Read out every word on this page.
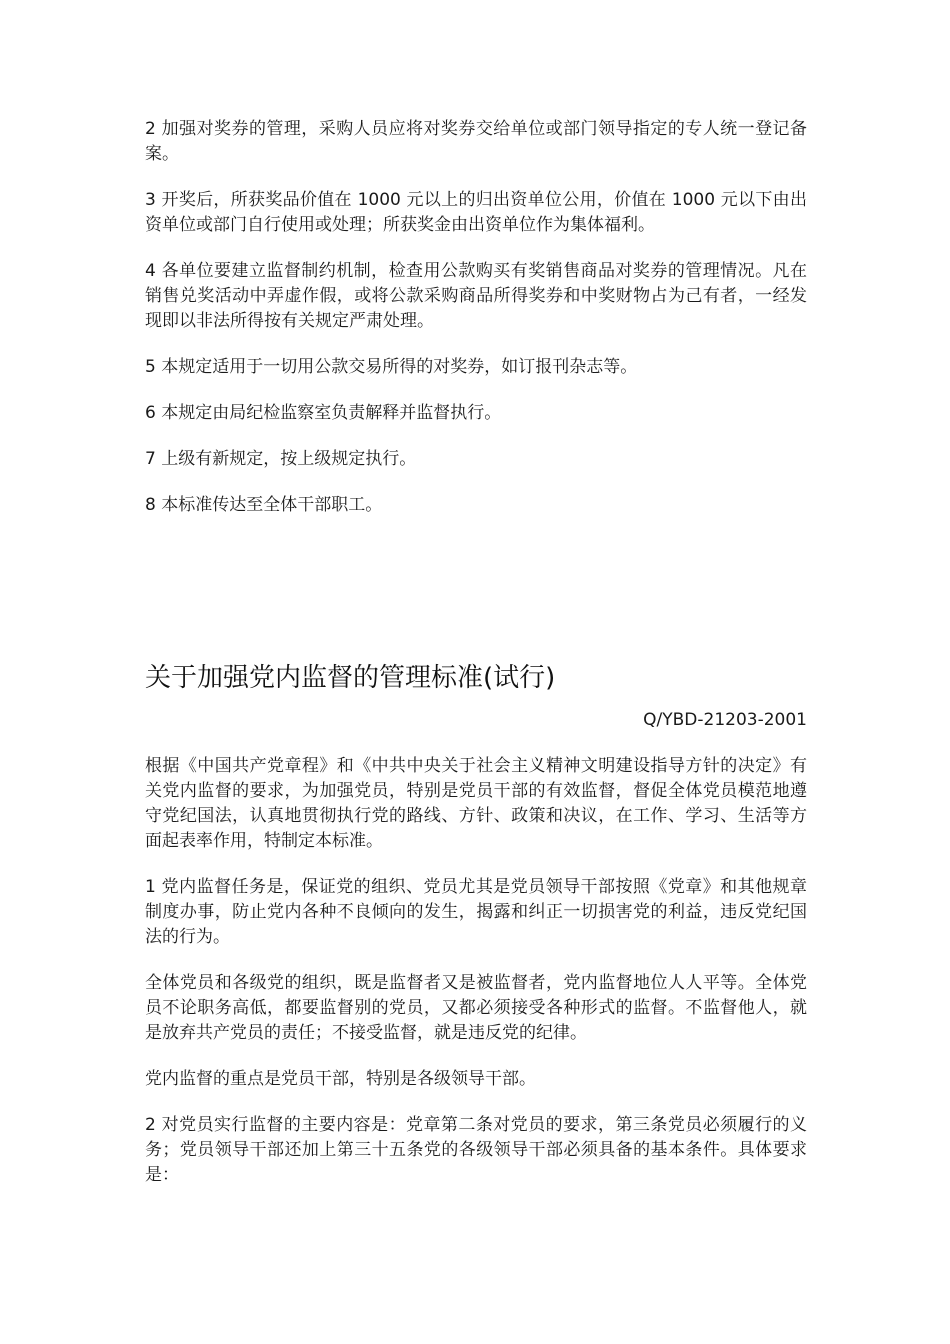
2 加强对奖券的管理，采购人员应将对奖券交给单位或部门领导指定的专人统一登记备案。

3 开奖后，所获奖品价值在 1000 元以上的归出资单位公用，价值在 1000 元以下由出资单位或部门自行使用或处理；所获奖金由出资单位作为集体福利。

4 各单位要建立监督制约机制，检查用公款购买有奖销售商品对奖券的管理情况。凡在销售兑奖活动中弄虚作假，或将公款采购商品所得奖券和中奖财物占为己有者，一经发现即以非法所得按有关规定严肃处理。

5 本规定适用于一切用公款交易所得的对奖券，如订报刊杂志等。

6 本规定由局纪检监察室负责解释并监督执行。

7 上级有新规定，按上级规定执行。

8 本标准传达至全体干部职工。

关于加强党内监督的管理标准(试行)
Q/YBD-21203-2001

根据《中国共产党章程》和《中共中央关于社会主义精神文明建设指导方针的决定》有关党内监督的要求，为加强党员，特别是党员干部的有效监督，督促全体党员模范地遵守党纪国法，认真地贯彻执行党的路线、方针、政策和决议，在工作、学习、生活等方面起表率作用，特制定本标准。

1 党内监督任务是，保证党的组织、党员尤其是党员领导干部按照《党章》和其他规章制度办事，防止党内各种不良倾向的发生，揭露和纠正一切损害党的利益，违反党纪国法的行为。

全体党员和各级党的组织，既是监督者又是被监督者，党内监督地位人人平等。全体党员不论职务高低，都要监督别的党员，又都必须接受各种形式的监督。不监督他人，就是放弃共产党员的责任；不接受监督，就是违反党的纪律。

党内监督的重点是党员干部，特别是各级领导干部。

2 对党员实行监督的主要内容是：党章第二条对党员的要求，第三条党员必须履行的义务；党员领导干部还加上第三十五条党的各级领导干部必须具备的基本条件。具体要求是：
